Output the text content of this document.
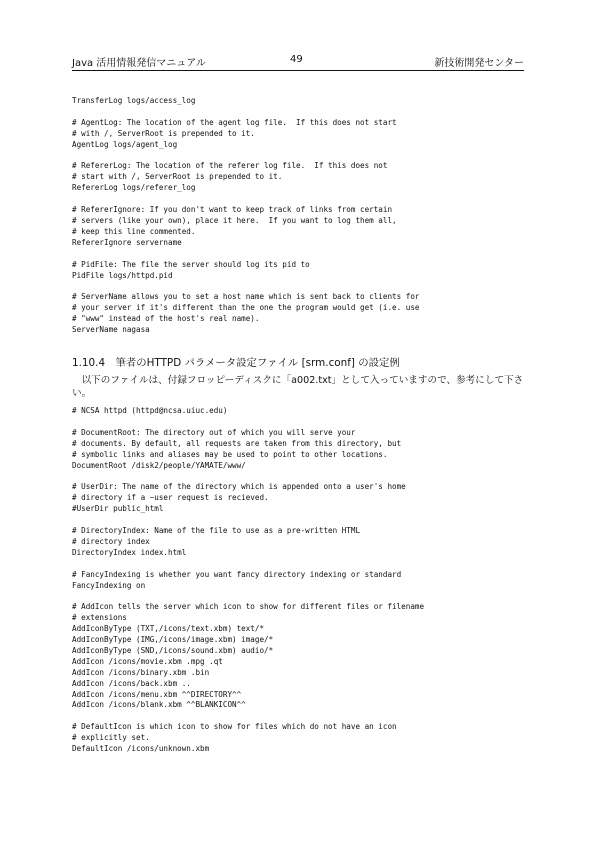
Java 活用情報発信マニュアル	49	新技術開発センター
TransferLog logs/access_log

# AgentLog: The location of the agent log file.  If this does not start
# with /, ServerRoot is prepended to it.
AgentLog logs/agent_log

# RefererLog: The location of the referer log file.  If this does not
# start with /, ServerRoot is prepended to it.
RefererLog logs/referer_log

# RefererIgnore: If you don't want to keep track of links from certain
# servers (like your own), place it here.  If you want to log them all,
# keep this line commented.
RefererIgnore servername

# PidFile: The file the server should log its pid to
PidFile logs/httpd.pid

# ServerName allows you to set a host name which is sent back to clients for
# your server if it's different than the one the program would get (i.e. use
# "www" instead of the host's real name).
ServerName nagasa

1.10.4　筆者のHTTPD パラメータ設定ファイル [srm.conf] の設定例
　以下のファイルは、付録フロッピーディスクに「a002.txt」として入っていますので、参考にして下さい。
# NCSA httpd (httpd@ncsa.uiuc.edu)

# DocumentRoot: The directory out of which you will serve your
# documents. By default, all requests are taken from this directory, but
# symbolic links and aliases may be used to point to other locations.
DocumentRoot /disk2/people/YAMATE/www/

# UserDir: The name of the directory which is appended onto a user's home
# directory if a ~user request is recieved.
#UserDir public_html

# DirectoryIndex: Name of the file to use as a pre-written HTML
# directory index
DirectoryIndex index.html

# FancyIndexing is whether you want fancy directory indexing or standard
FancyIndexing on

# AddIcon tells the server which icon to show for different files or filename
# extensions
AddIconByType (TXT,/icons/text.xbm) text/*
AddIconByType (IMG,/icons/image.xbm) image/*
AddIconByType (SND,/icons/sound.xbm) audio/*
AddIcon /icons/movie.xbm .mpg .qt
AddIcon /icons/binary.xbm .bin
AddIcon /icons/back.xbm ..
AddIcon /icons/menu.xbm ^^DIRECTORY^^
AddIcon /icons/blank.xbm ^^BLANKICON^^

# DefaultIcon is which icon to show for files which do not have an icon
# explicitly set.
DefaultIcon /icons/unknown.xbm
